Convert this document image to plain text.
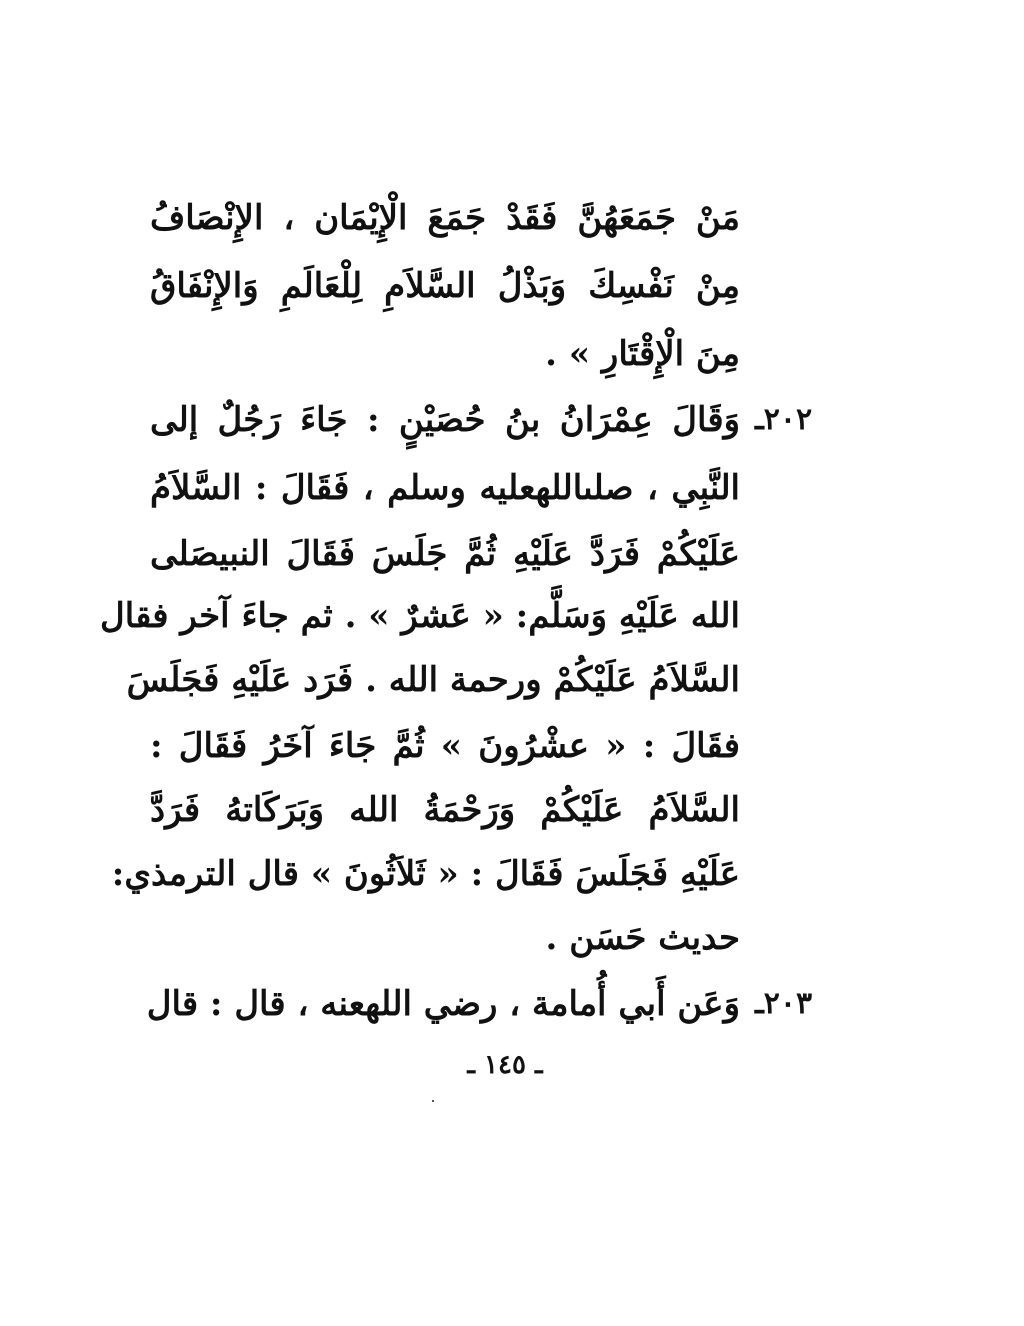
مَنْ جَمَعَهُنَّ فَقَدْ جَمَعَ الْإِيْمَان ، الإِنْصَافُ
مِنْ نَفْسِكَ وَبَذْلُ السَّلاَمِ لِلْعَالَمِ وَالإِنْفَاقُ
مِنَ الْإِقْتَارِ » .
٢٠٢ـ
وَقَالَ عِمْرَانُ بنُ حُصَيْنٍ : جَاءَ رَجُلٌ إلى
النَّبِي ، صلىاللهعليه وسلم ، فَقَالَ : السَّلاَمُ
عَلَيْكُمْ فَرَدَّ عَلَيْهِ ثُمَّ جَلَسَ فَقَالَ النبيصَلى
الله عَلَيْهِ وَسَلَّم: « عَشرٌ » . ثم جاءَ آخر فقال
السَّلاَمُ عَلَيْكُمْ ورحمة الله . فَرَد عَلَيْهِ فَجَلَسَ
فقَالَ : « عشْرُونَ » ثُمَّ جَاءَ آخَرُ فَقَالَ :
السَّلاَمُ عَلَيْكُمْ وَرَحْمَةُ الله وَبَرَكَاتهُ فَرَدَّ
عَلَيْهِ فَجَلَسَ فَقَالَ : « ثَلاَثُونَ » قال الترمذي:
حديث حَسَن .
٢٠٣ـ
وَعَن أَبي أُمامة ، رضي اللهعنه ، قال : قال
ـ ١٤٥ ـ
